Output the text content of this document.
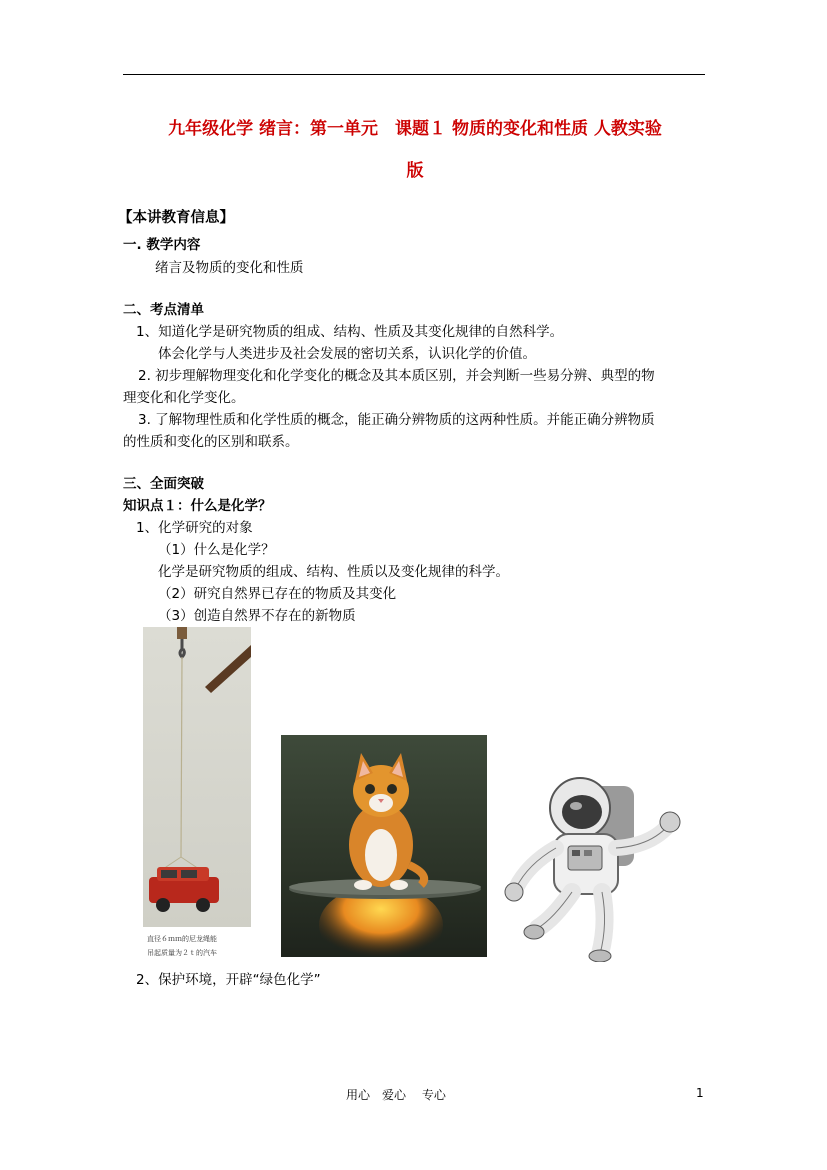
九年级化学 绪言：第一单元　课题１ 物质的变化和性质 人教实验
版
【本讲教育信息】
一. 教学内容
绪言及物质的变化和性质
二、考点清单
1、知道化学是研究物质的组成、结构、性质及其变化规律的自然科学。
体会化学与人类进步及社会发展的密切关系，认识化学的价值。
2. 初步理解物理变化和化学变化的概念及其本质区别，并会判断一些易分辨、典型的物
理变化和化学变化。
3. 了解物理性质和化学性质的概念，能正确分辨物质的这两种性质。并能正确分辨物质
的性质和变化的区别和联系。
三、全面突破
知识点１：什么是化学？
1、化学研究的对象
（1）什么是化学？
化学是研究物质的组成、结构、性质以及变化规律的科学。
（2）研究自然界已存在的物质及其变化
（3）创造自然界不存在的新物质
直径６ｍｍ的尼龙绳能
吊起质量为２ｔ的汽车
2、保护环境，开辟“绿色化学”
用心　爱心　 专心	1
